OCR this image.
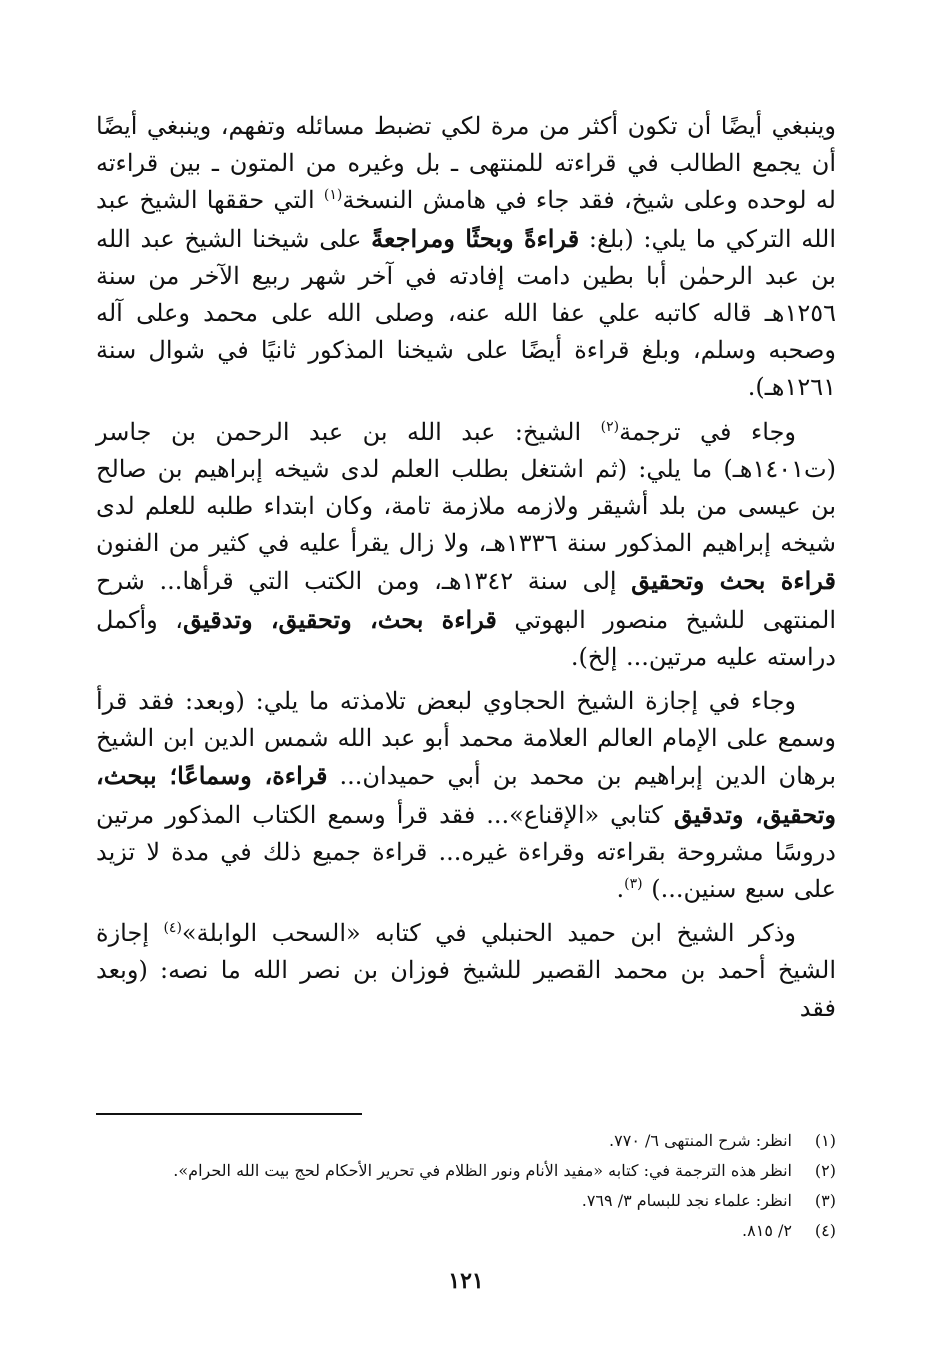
وينبغي أيضًا أن تكون أكثر من مرة لكي تضبط مسائله وتفهم، وينبغي أيضًا أن يجمع الطالب في قراءته للمنتهى ـ بل وغيره من المتون ـ بين قراءته له لوحده وعلى شيخ، فقد جاء في هامش النسخة$^{(١)}$ التي حققها الشيخ عبد الله التركي ما يلي: (بلغ: قراءةً وبحثًا ومراجعةً على شيخنا الشيخ عبد الله بن عبد الرحمٰن أبا بطين دامت إفادته في آخر شهر ربيع الآخر من سنة ١٢٥٦هـ قاله كاتبه علي عفا الله عنه، وصلى الله على محمد وعلى آله وصحبه وسلم، وبلغ قراءة أيضًا على شيخنا المذكور ثانيًا في شوال سنة ١٢٦١هـ).

وجاء في ترجمة$^{(٢)}$ الشيخ: عبد الله بن عبد الرحمن بن جاسر (ت١٤٠١هـ) ما يلي: (ثم اشتغل بطلب العلم لدى شيخه إبراهيم بن صالح بن عيسى من بلد أشيقر ولازمه ملازمة تامة، وكان ابتداء طلبه للعلم لدى شيخه إبراهيم المذكور سنة ١٣٣٦هـ، ولا زال يقرأ عليه في كثير من الفنون قراءة بحث وتحقيق إلى سنة ١٣٤٢هـ، ومن الكتب التي قرأها... شرح المنتهى للشيخ منصور البهوتي قراءة بحث، وتحقيق، وتدقيق، وأكمل دراسته عليه مرتين... إلخ).

وجاء في إجازة الشيخ الحجاوي لبعض تلامذته ما يلي: (وبعد: فقد قرأ وسمع على الإمام العالم العلامة محمد أبو عبد الله شمس الدين ابن الشيخ برهان الدين إبراهيم بن محمد بن أبي حميدان... قراءة، وسماعًا؛ ببحث، وتحقيق، وتدقيق كتابي «الإقناع»... فقد قرأ وسمع الكتاب المذكور مرتين دروسًا مشروحة بقراءته وقراءة غيره... قراءة جميع ذلك في مدة لا تزيد على سبع سنين...) $^{(٣)}$.

وذكر الشيخ ابن حميد الحنبلي في كتابه «السحب الوابلة»$^{(٤)}$ إجازة الشيخ أحمد بن محمد القصير للشيخ فوزان بن نصر الله ما نصه: (وبعد فقد

(١)
انظر: شرح المنتهى ٦/ ٧٧٠.
(٢)
انظر هذه الترجمة في: كتابه «مفيد الأنام ونور الظلام في تحرير الأحكام لحج بيت الله الحرام».
(٣)
انظر: علماء نجد للبسام ٣/ ٧٦٩.
(٤)
٢/ ٨١٥.
١٢١
